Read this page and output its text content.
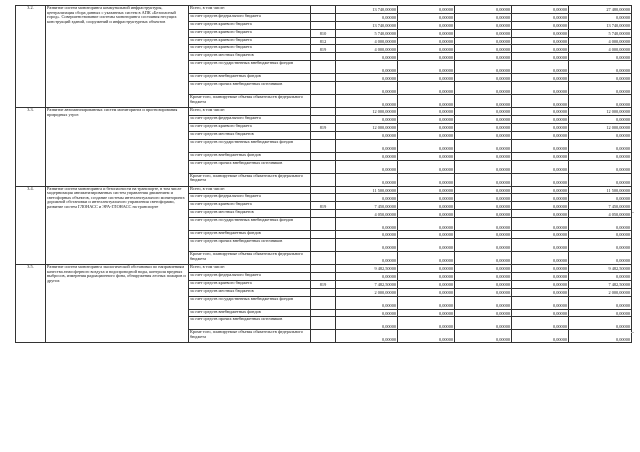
3.2.	Развитие систем мониторинга коммунальной инфраструктуры, централизация сбора данных с указанных систем в АПК «Безопасный город». Совершенствование системы мониторинга состояния несущих конструкций зданий, сооружений и инфраструктурных объектов	Всего, в том числе:		13 740,00000	0,00000	0,00000	0,00000	27 480,00000
		за счет средств федерального бюджета		0,00000	0,00000	0,00000	0,00000	0,00000
		за счет средств краевого бюджета		13 740,00000	0,00000	0,00000	0,00000	13 740,00000
		за счет средств краевого бюджета	810	5 740,00000	0,00000	0,00000	0,00000	5 740,00000
		за счет средств краевого бюджета	812	4 000,00000	0,00000	0,00000	0,00000	4 000,00000
		за счет средств краевого бюджета	819	4 000,00000	0,00000	0,00000	0,00000	4 000,00000
		за счет средств местных бюджетов		0,00000	0,00000	0,00000	0,00000	0,00000
		за счет средств государственных внебюджетных фондов		0,00000	0,00000	0,00000	0,00000	0,00000
		за счет средств внебюджетных фондов		0,00000	0,00000	0,00000	0,00000	0,00000
		за счет средств прочих внебюджетных источников		0,00000	0,00000	0,00000	0,00000	0,00000
		Кроме того, планируемые объемы обязательств федерального бюджета		0,00000	0,00000	0,00000	0,00000	0,00000
3.3.	Развитие автоматизированных систем мониторинга и прогнозирования природных угроз	Всего, в том числе:		12 000,00000	0,00000	0,00000	0,00000	12 000,00000
		за счет средств федерального бюджета		0,00000	0,00000	0,00000	0,00000	0,00000
		за счет средств краевого бюджета	819	12 000,00000	0,00000	0,00000	0,00000	12 000,00000
		за счет средств местных бюджетов		0,00000	0,00000	0,00000	0,00000	0,00000
		за счет средств государственных внебюджетных фондов		0,00000	0,00000	0,00000	0,00000	0,00000
		за счет средств внебюджетных фондов		0,00000	0,00000	0,00000	0,00000	0,00000
		за счет средств прочих внебюджетных источников		0,00000	0,00000	0,00000	0,00000	0,00000
		Кроме того, планируемые объемы обязательств федерального бюджета		0,00000	0,00000	0,00000	0,00000	0,00000
3.4.	Развитие систем мониторинга и безопасности на транспорте, в том числе модернизация автоматизированных систем управления движением и светофорных объектов, создание системы интеллектуального мониторинга дорожной обстановки и интеллектуального управления светофорами, развитие систем ГЛОНАСС и ЭРА-ГЛОНАСС на транспорте	Всего, в том числе:		11 500,00000	0,00000	0,00000	0,00000	11 500,00000
		за счет средств федерального бюджета		0,00000	0,00000	0,00000	0,00000	0,00000
		за счет средств краевого бюджета	819	7 450,00000	0,00000	0,00000	0,00000	7 450,00000
		за счет средств местных бюджетов		4 050,00000	0,00000	0,00000	0,00000	4 050,00000
		за счет средств государственных внебюджетных фондов		0,00000	0,00000	0,00000	0,00000	0,00000
		за счет средств внебюджетных фондов		0,00000	0,00000	0,00000	0,00000	0,00000
		за счет средств прочих внебюджетных источников		0,00000	0,00000	0,00000	0,00000	0,00000
		Кроме того, планируемые объемы обязательств федерального бюджета		0,00000	0,00000	0,00000	0,00000	0,00000
3.5.	Развитие систем мониторинга экологической обстановки по направлениям качества атмосферного воздуха и водопроводной воды, контроля вредных выбросов, измерения радиационного фона, обнаружения лесных пожаров и других	Всего, в том числе:		9 482,50000	0,00000	0,00000	0,00000	9 482,50000
		за счет средств федерального бюджета		0,00000	0,00000	0,00000	0,00000	0,00000
		за счет средств краевого бюджета	819	7 482,50000	0,00000	0,00000	0,00000	7 482,50000
		за счет средств местных бюджетов		2 000,00000	0,00000	0,00000	0,00000	2 000,00000
		за счет средств государственных внебюджетных фондов		0,00000	0,00000	0,00000	0,00000	0,00000
		за счет средств внебюджетных фондов		0,00000	0,00000	0,00000	0,00000	0,00000
		за счет средств прочих внебюджетных источников		0,00000	0,00000	0,00000	0,00000	0,00000
		Кроме того, планируемые объемы обязательств федерального бюджета		0,00000	0,00000	0,00000	0,00000	0,00000
